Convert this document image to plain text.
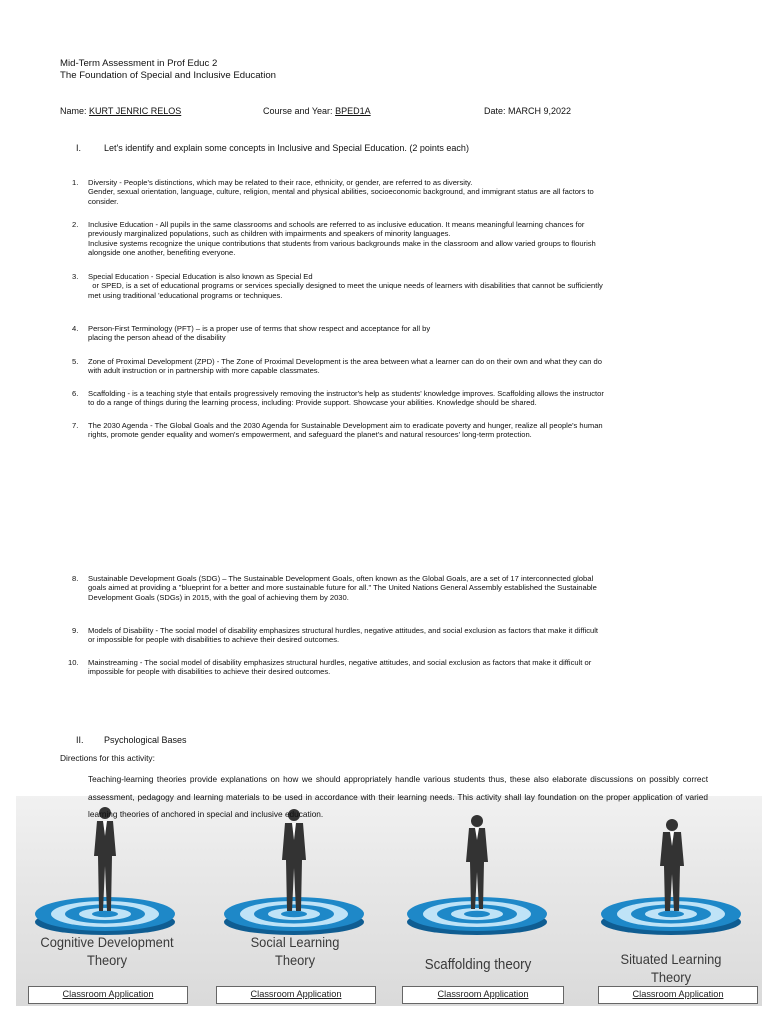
Mid-Term Assessment in Prof Educ 2
The Foundation of Special and Inclusive Education
Name: KURT JENRIC RELOS	Course and Year: BPED1A	Date: MARCH 9,2022
I.	Let's identify and explain some concepts in Inclusive and Special Education. (2 points each)
1. Diversity - People's distinctions, which may be related to their race, ethnicity, or gender, are referred to as diversity.
Gender, sexual orientation, language, culture, religion, mental and physical abilities, socioeconomic background, and immigrant status are all factors to
consider.
2. Inclusive Education - All pupils in the same classrooms and schools are referred to as inclusive education. It means meaningful learning chances for
previously marginalized populations, such as children with impairments and speakers of minority languages.
Inclusive systems recognize the unique contributions that students from various backgrounds make in the classroom and allow varied groups to flourish
alongside one another, benefiting everyone.
3. Special Education - Special Education is also known as Special Ed
or SPED, is a set of educational programs or services specially designed to meet the unique needs of learners with disabilities that cannot be sufficiently
met using traditional 'educational programs or techniques.
4. Person-First Terminology (PFT) – is a proper use of terms that show respect and acceptance for all by
placing the person ahead of the disability
5. Zone of Proximal Development (ZPD) - The Zone of Proximal Development is the area between what a learner can do on their own and what they can do
with adult instruction or in partnership with more capable classmates.
6. Scaffolding - is a teaching style that entails progressively removing the instructor's help as students' knowledge improves. Scaffolding allows the instructor
to do a range of things during the learning process, including: Provide support. Showcase your abilities. Knowledge should be shared.
7. The 2030 Agenda - The Global Goals and the 2030 Agenda for Sustainable Development aim to eradicate poverty and hunger, realize all people's human
rights, promote gender equality and women's empowerment, and safeguard the planet's and natural resources' long-term protection.
8. Sustainable Development Goals (SDG) – The Sustainable Development Goals, often known as the Global Goals, are a set of 17 interconnected global
goals aimed at providing a "blueprint for a better and more sustainable future for all." The United Nations General Assembly established the Sustainable
Development Goals (SDGs) in 2015, with the goal of achieving them by 2030.
9. Models of Disability - The social model of disability emphasizes structural hurdles, negative attitudes, and social exclusion as factors that make it difficult
or impossible for people with disabilities to achieve their desired outcomes.
10. Mainstreaming - The social model of disability emphasizes structural hurdles, negative attitudes, and social exclusion as factors that make it difficult or
impossible for people with disabilities to achieve their desired outcomes.
II. Psychological Bases
Directions for this activity:
Teaching-learning theories provide explanations on how we should appropriately handle various students thus, these also elaborate discussions on possibly correct assessment, pedagogy and learning materials to be used in accordance with their learning needs. This activity shall lay foundation on the proper application of varied learning theories of anchored in special and inclusive education.
Cognitive Development
Theory
Classroom Application
Social Learning
Theory
Classroom Application
Scaffolding theory
Classroom Application
Situated Learning
Theory
Classroom Application
